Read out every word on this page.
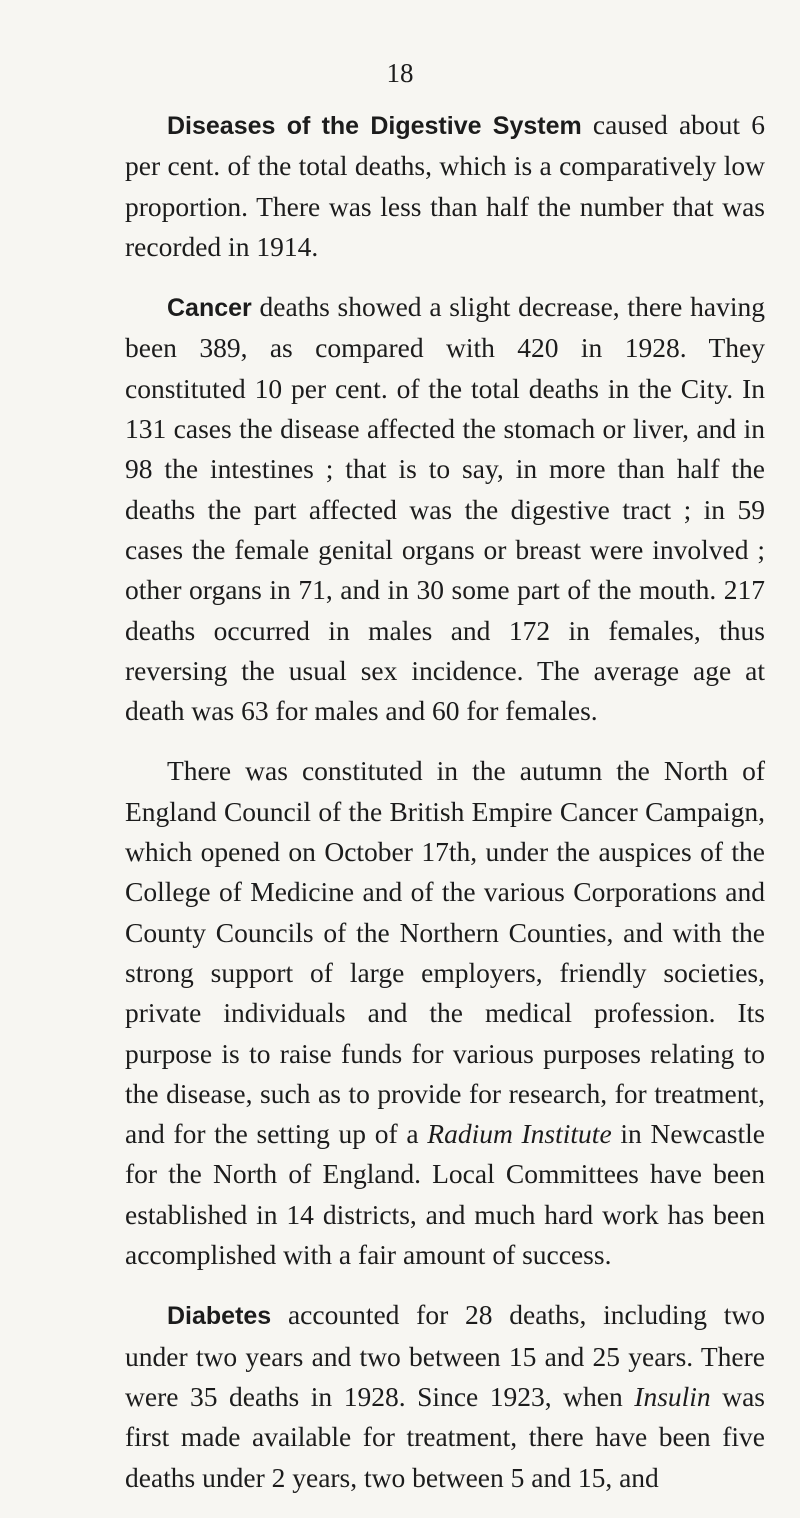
18

Diseases of the Digestive System caused about 6 per cent. of the total deaths, which is a comparatively low proportion. There was less than half the number that was recorded in 1914.

Cancer deaths showed a slight decrease, there having been 389, as compared with 420 in 1928. They constituted 10 per cent. of the total deaths in the City. In 131 cases the disease affected the stomach or liver, and in 98 the intestines ; that is to say, in more than half the deaths the part affected was the digestive tract ; in 59 cases the female genital organs or breast were involved ; other organs in 71, and in 30 some part of the mouth. 217 deaths occurred in males and 172 in females, thus reversing the usual sex incidence. The average age at death was 63 for males and 60 for females.

There was constituted in the autumn the North of England Council of the British Empire Cancer Campaign, which opened on October 17th, under the auspices of the College of Medicine and of the various Corporations and County Councils of the Northern Counties, and with the strong support of large employers, friendly societies, private individuals and the medical profession. Its purpose is to raise funds for various purposes relating to the disease, such as to provide for research, for treatment, and for the setting up of a Radium Institute in Newcastle for the North of England. Local Committees have been established in 14 districts, and much hard work has been accomplished with a fair amount of success.

Diabetes accounted for 28 deaths, including two under two years and two between 15 and 25 years. There were 35 deaths in 1928. Since 1923, when Insulin was first made available for treatment, there have been five deaths under 2 years, two between 5 and 15, and
